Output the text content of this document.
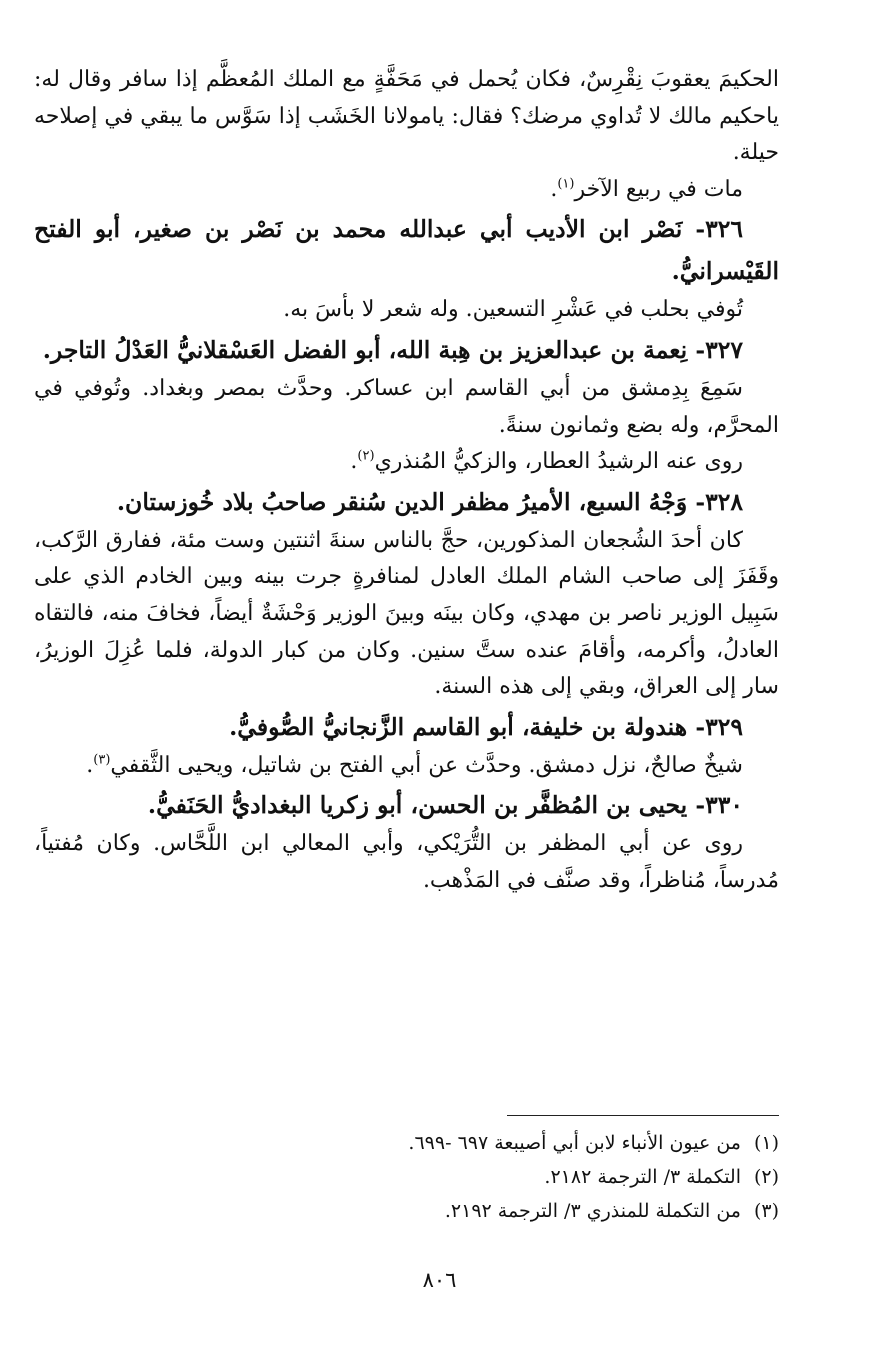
الحكيمَ يعقوبَ نِقْرِسٌ، فكان يُحمل في مَحَفَّةٍ مع الملك المُعظَّم إذا سافر وقال له: ياحكيم مالك لا تُداوي مرضك؟ فقال: ياموﻻنا الخَشَب إذا سَوَّس ما يبقي في إصلاحه حيلة.

مات في ربيع الآخر$^{(١)}$.

٣٢٦- نَصْر ابن الأديب أبي عبدالله محمد بن نَصْر بن صغير، أبو الفتح القَيْسرانيُّ.

تُوفي بحلب في عَشْرِ التسعين. وله شعر لا بأسَ به.

٣٢٧- نِعمة بن عبدالعزيز بن هِبة الله، أبو الفضل العَسْقلانيُّ العَدْلُ التاجر.

سَمِعَ بِدِمشق من أبي القاسم ابن عساكر. وحدَّث بمصر وبغداد. وتُوفي في المحرَّم، وله بضع وثمانون سنةً.

روى عنه الرشيدُ العطار، والزكيُّ المُنذري$^{(٢)}$.

٣٢٨- وَجْهُ السبع، الأميرُ مظفر الدين سُنقر صاحبُ بلاد خُوزستان.

كان أحدَ الشُجعان المذكورين، حجَّ بالناس سنةَ اثنتين وست مئة، ففارق الرَّكب، وقَفَزَ إلى صاحب الشام الملك العادل لمنافرةٍ جرت بينه وبين الخادم الذي على سَبِيل الوزير ناصر بن مهدي، وكان بينَه وبينَ الوزير وَحْشَةٌ أيضاً، فخافَ منه، فالتقاه العادلُ، وأكرمه، وأقامَ عنده ستَّ سنين. وكان من كبار الدولة، فلما عُزِلَ الوزيرُ، سار إلى العراق، وبقي إلى هذه السنة.

٣٢٩- هندولة بن خليفة، أبو القاسم الزَّنجانيُّ الصُّوفيُّ.

شيخٌ صالحٌ، نزل دمشق. وحدَّث عن أبي الفتح بن شاتيل، ويحيى الثَّقفي$^{(٣)}$.

٣٣٠- يحيى بن المُظفَّر بن الحسن، أبو زكريا البغداديُّ الحَنَفيُّ.

روى عن أبي المظفر بن التُّرَيْكي، وأبي المعالي ابن اللَّحَّاس. وكان مُفتياً، مُدرساً، مُناظراً، وقد صنَّف في المَذْهب.

(١)من عيون الأنباء لابن أبي أصيبعة ٦٩٧ -٦٩٩.

(٢)التكملة ٣/ الترجمة ٢١٨٢.

(٣)من التكملة للمنذري ٣/ الترجمة ٢١٩٢.

٨٠٦
